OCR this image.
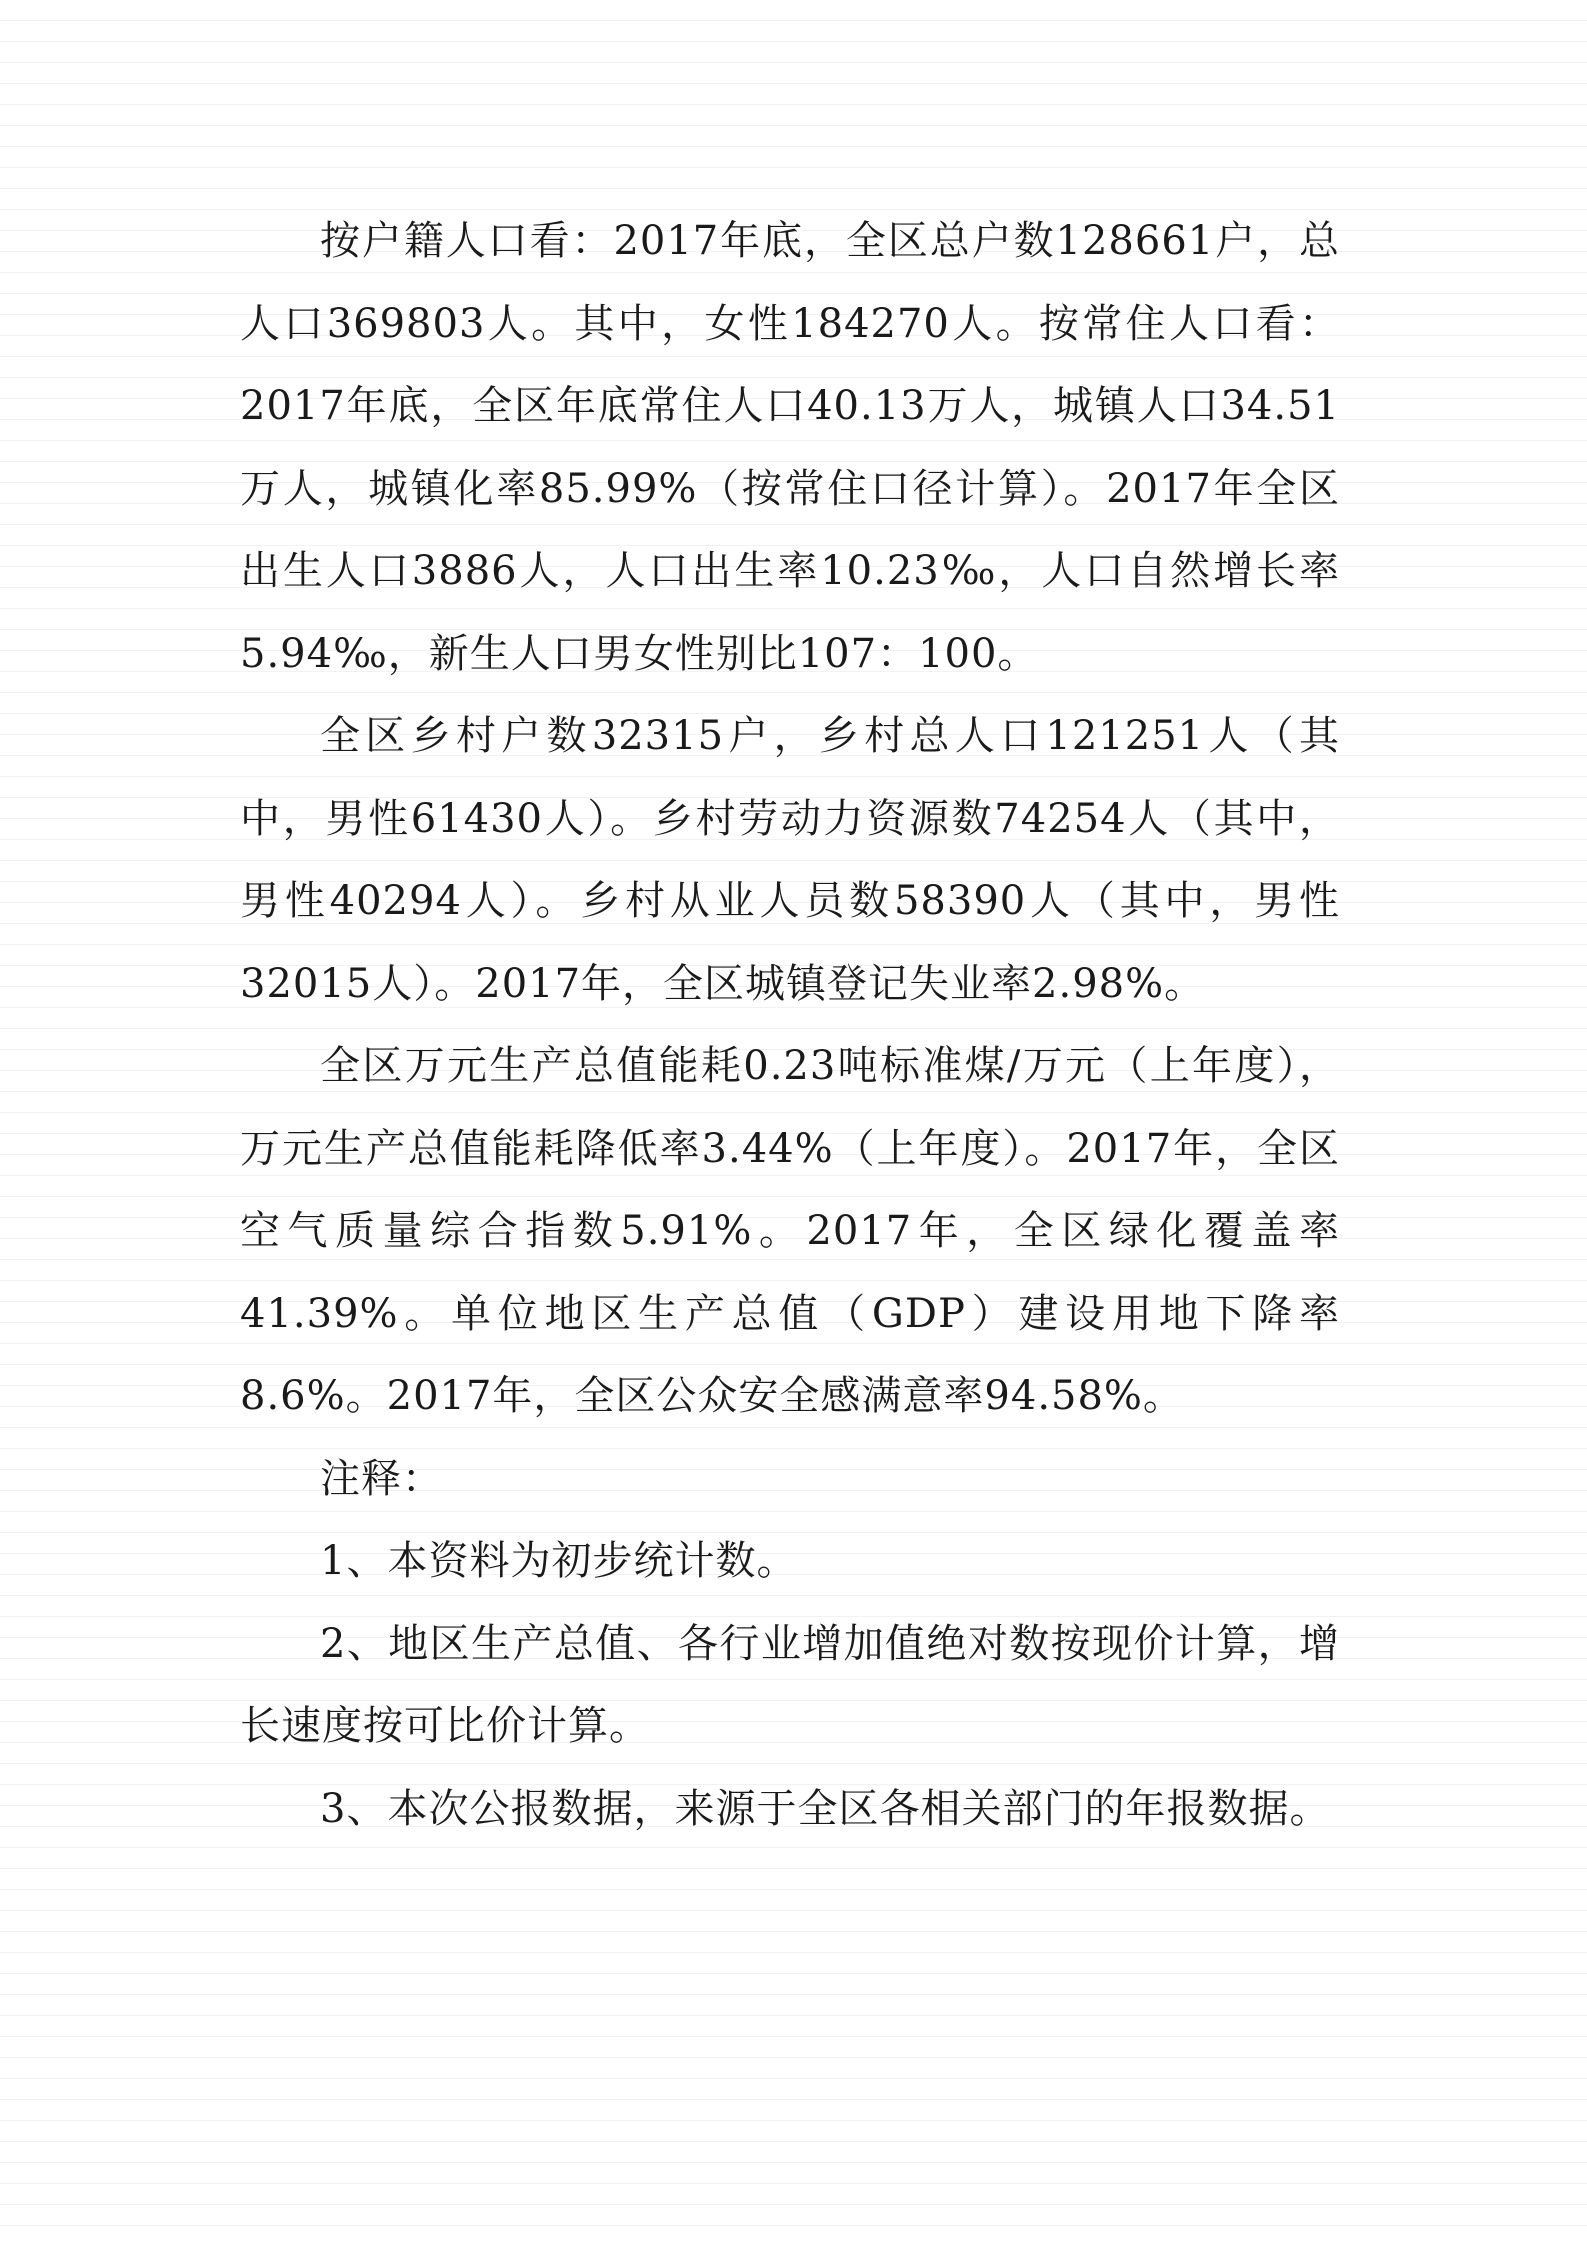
按户籍人口看：2017年底，全区总户数128661户，总人口369803人。其中，女性184270人。按常住人口看：2017年底，全区年底常住人口40.13万人，城镇人口34.51万人，城镇化率85.99%（按常住口径计算）。2017年全区出生人口3886人，人口出生率10.23‰，人口自然增长率5.94‰，新生人口男女性别比107：100。

全区乡村户数32315户，乡村总人口121251人（其中，男性61430人）。乡村劳动力资源数74254人（其中，男性40294人）。乡村从业人员数58390人（其中，男性32015人）。2017年，全区城镇登记失业率2.98%。

全区万元生产总值能耗0.23吨标准煤/万元（上年度），万元生产总值能耗降低率3.44%（上年度）。2017年，全区空气质量综合指数5.91%。2017年，全区绿化覆盖率41.39%。单位地区生产总值（GDP）建设用地下降率8.6%。2017年，全区公众安全感满意率94.58%。

注释：

1、本资料为初步统计数。

2、地区生产总值、各行业增加值绝对数按现价计算，增长速度按可比价计算。

3、本次公报数据，来源于全区各相关部门的年报数据。
